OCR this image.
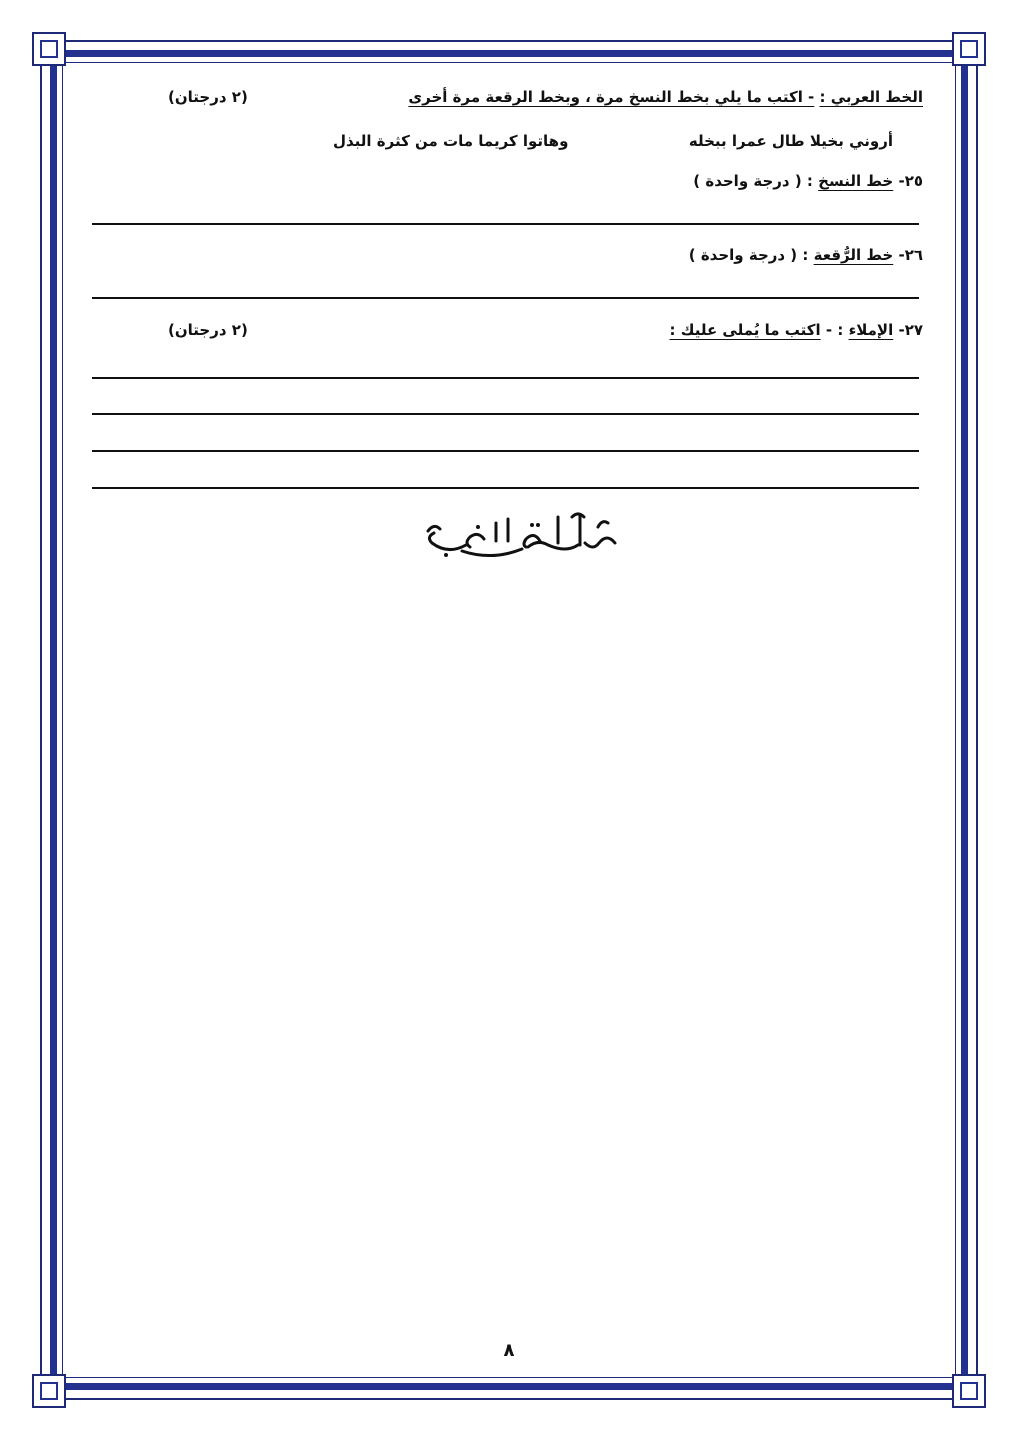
الخط العربي : - اكتب ما يلي بخط النسخ مرة ، وبخط الرقعة مرة أخرى
(٢ درجتان)
أروني بخيلا طال عمرا ببخله
وهاتوا كريما مات من كثرة البذل
٢٥- خط النسخ : ( درجة واحدة )
٢٦- خط الرُّقعة : ( درجة واحدة )
٢٧- الإملاء : - اكتب ما يُملى عليك :
(٢ درجتان)
٨
